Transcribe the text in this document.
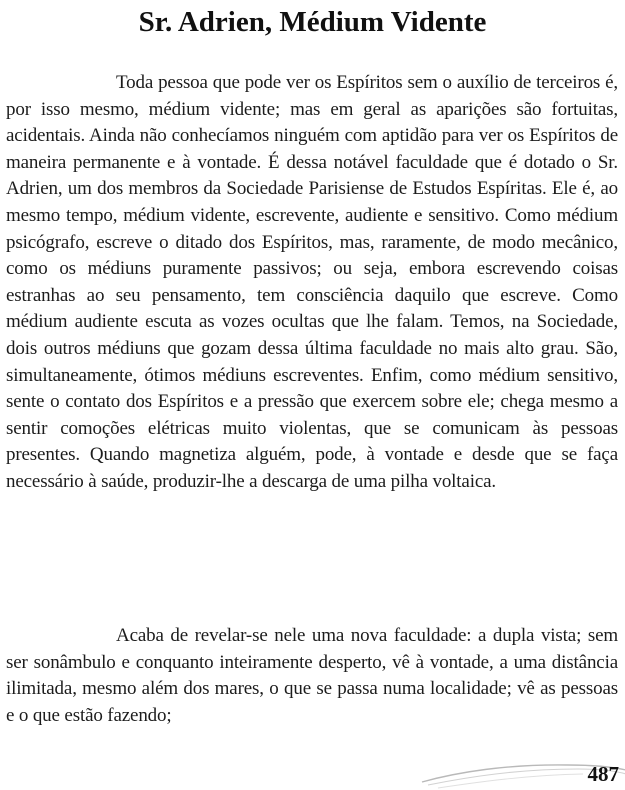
Sr. Adrien, Médium Vidente

Toda pessoa que pode ver os Espíritos sem o auxílio de terceiros é, por isso mesmo, médium vidente; mas em geral as aparições são fortuitas, acidentais. Ainda não conhecíamos ninguém com aptidão para ver os Espíritos de maneira permanente e à vontade. É dessa notável faculdade que é dotado o Sr. Adrien, um dos membros da Sociedade Parisiense de Estudos Espíritas. Ele é, ao mesmo tempo, médium vidente, escrevente, audiente e sensitivo. Como médium psicógrafo, escreve o ditado dos Espíritos, mas, raramente, de modo mecânico, como os médiuns puramente passivos; ou seja, embora escrevendo coisas estranhas ao seu pensamento, tem consciência daquilo que escreve. Como médium audiente escuta as vozes ocultas que lhe falam. Temos, na Sociedade, dois outros médiuns que gozam dessa última faculdade no mais alto grau. São, simultaneamente, ótimos médiuns escreventes. Enfim, como médium sensitivo, sente o contato dos Espíritos e a pressão que exercem sobre ele; chega mesmo a sentir comoções elétricas muito violentas, que se comunicam às pessoas presentes. Quando magnetiza alguém, pode, à vontade e desde que se faça necessário à saúde, produzir-lhe a descarga de uma pilha voltaica.

Acaba de revelar-se nele uma nova faculdade: a dupla vista; sem ser sonâmbulo e conquanto inteiramente desperto, vê à vontade, a uma distância ilimitada, mesmo além dos mares, o que se passa numa localidade; vê as pessoas e o que estão fazendo;

487
